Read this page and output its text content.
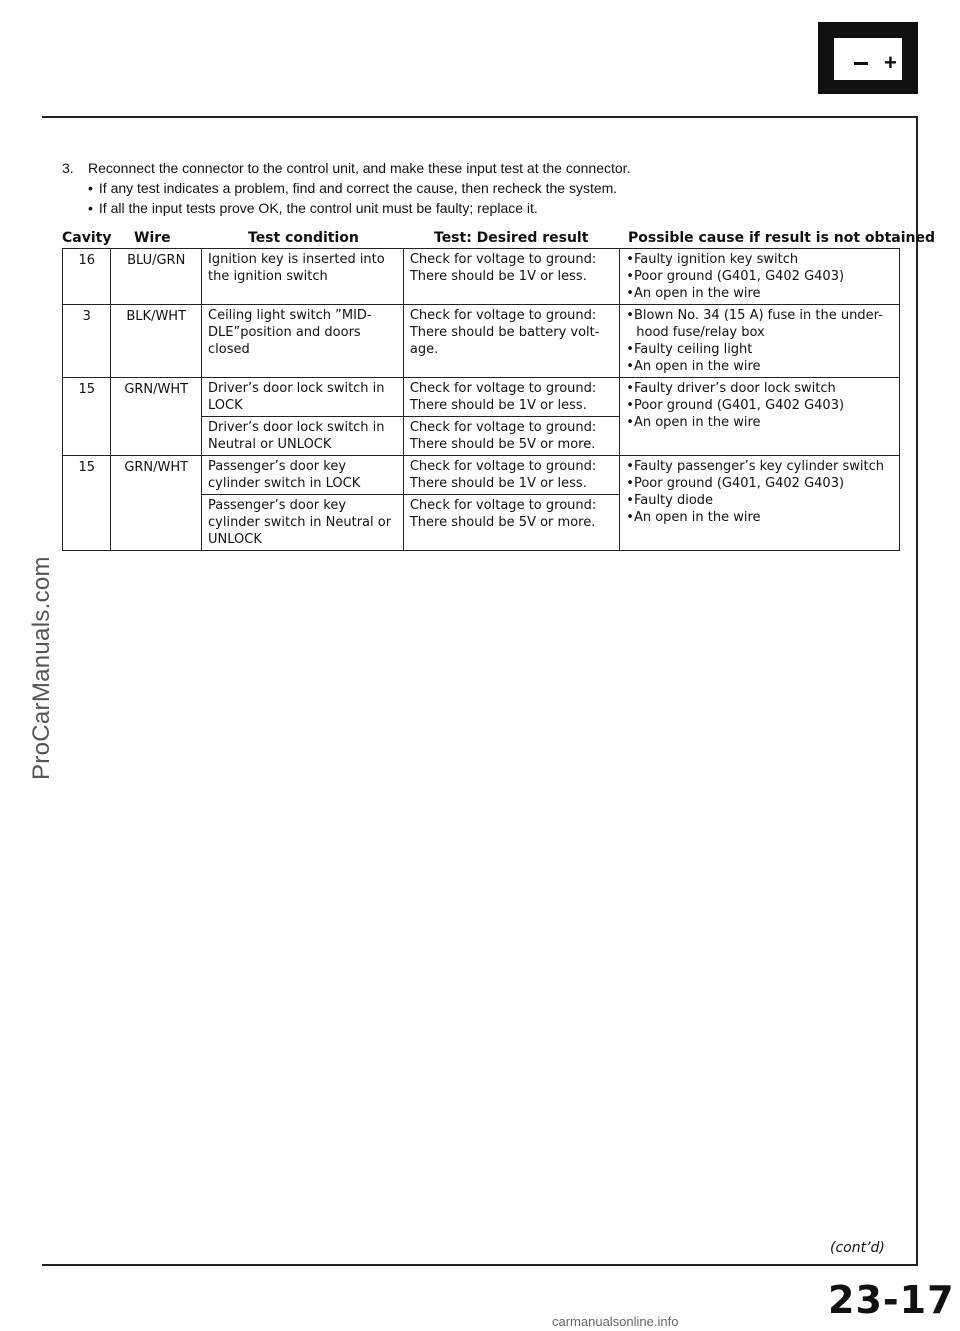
+
ProCarManuals.com
3. Reconnect the connector to the control unit, and make these input test at the connector.
• If any test indicates a problem, find and correct the cause, then recheck the system.
• If all the input tests prove OK, the control unit must be faulty; replace it.
Cavity Wire	Test condition	Test: Desired result	Possible cause if result is not obtained
16	BLU/GRN	Ignition key is inserted into the ignition switch	Check for voltage to ground: There should be 1V or less.	• Faulty ignition key switch
• Poor ground (G401, G402 G403)
• An open in the wire

3	BLK/WHT	Ceiling light switch ”MID-DLE”position and doors closed	Check for voltage to ground: There should be battery volt-age.	• Blown No. 34 (15 A) fuse in the under-hood fuse/relay box
• Faulty ceiling light
• An open in the wire

15	GRN/WHT	Driver’s door lock switch in LOCK	Check for voltage to ground: There should be 1V or less.	• Faulty driver’s door lock switch
• Poor ground (G401, G402 G403)
• An open in the wire

		Driver’s door lock switch in Neutral or UNLOCK	Check for voltage to ground: There should be 5V or more.	
15	GRN/WHT	Passenger’s door key cylinder switch in LOCK	Check for voltage to ground: There should be 1V or less.	• Faulty passenger’s key cylinder switch
• Poor ground (G401, G402 G403)
• Faulty diode
• An open in the wire

		Passenger’s door key cylinder switch in Neutral or UNLOCK	Check for voltage to ground: There should be 5V or more.	
(cont’d)
23-17
carmanualsonline.info
